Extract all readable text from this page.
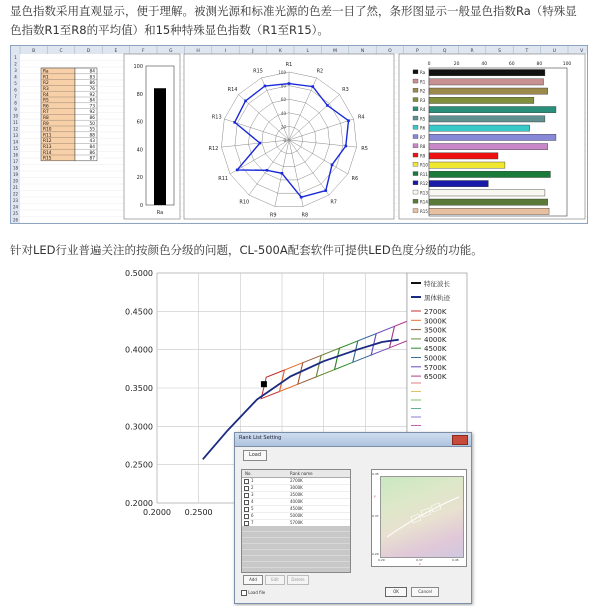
显色指数采用直观显示，便于理解。被测光源和标准光源的色差一目了然，条形图显示一般显色指数Ra（特殊显色指数R1至R8的平均值）和15种特殊显色指数（R1至R15）。
B	C	D	E	F	G	H	I	J	K	L	M	N	O	P	Q	R	S	T	U	V
1
2
3
4
5
6
7
8
9
10
11
12
13
14
15
16
17
18
19
20
21
22
23
24
25
26
Ra	84
R1	83
R2	86
R3	76
R4	92
R5	84
R6	73
R7	92
R8	86
R9	50
R10	55
R11	88
R12	43
R13	84
R14	86
R15	87
100
80
60
40
20
0
Ra
R1
R2
R3
R4
R5
R6
R7
R8
R9
R10
R11
R12
R13
R14
R15	100
80
60
40
20
0
0	20	40	60	80	100
Ra
R1
R2
R3
R4
R5
R6
R7
R8
R9
R10
R11
R12
R13
R14
R15
针对LED行业普遍关注的按颜色分级的问题，CL-500A配套软件可提供LED色度分级的功能。
0.5000
0.4500
0.4000
0.3500
0.3000
0.2500
0.2000
0.2000 0.2500
特征波长
黑体轨迹
2700K
3000K
3500K
4000K
4500K
5000K
5700K
6500K
Rank List Setting
Load
No.	Rank name
1	2700K
2	3000K
3	3500K
4	4000K
5	4500K
6	5000K
7	5700K
Add	Edit	Delete
Load file	OK	Cancel
0.45
0.37
0.29
0.29	0.37	0.45
x
y
